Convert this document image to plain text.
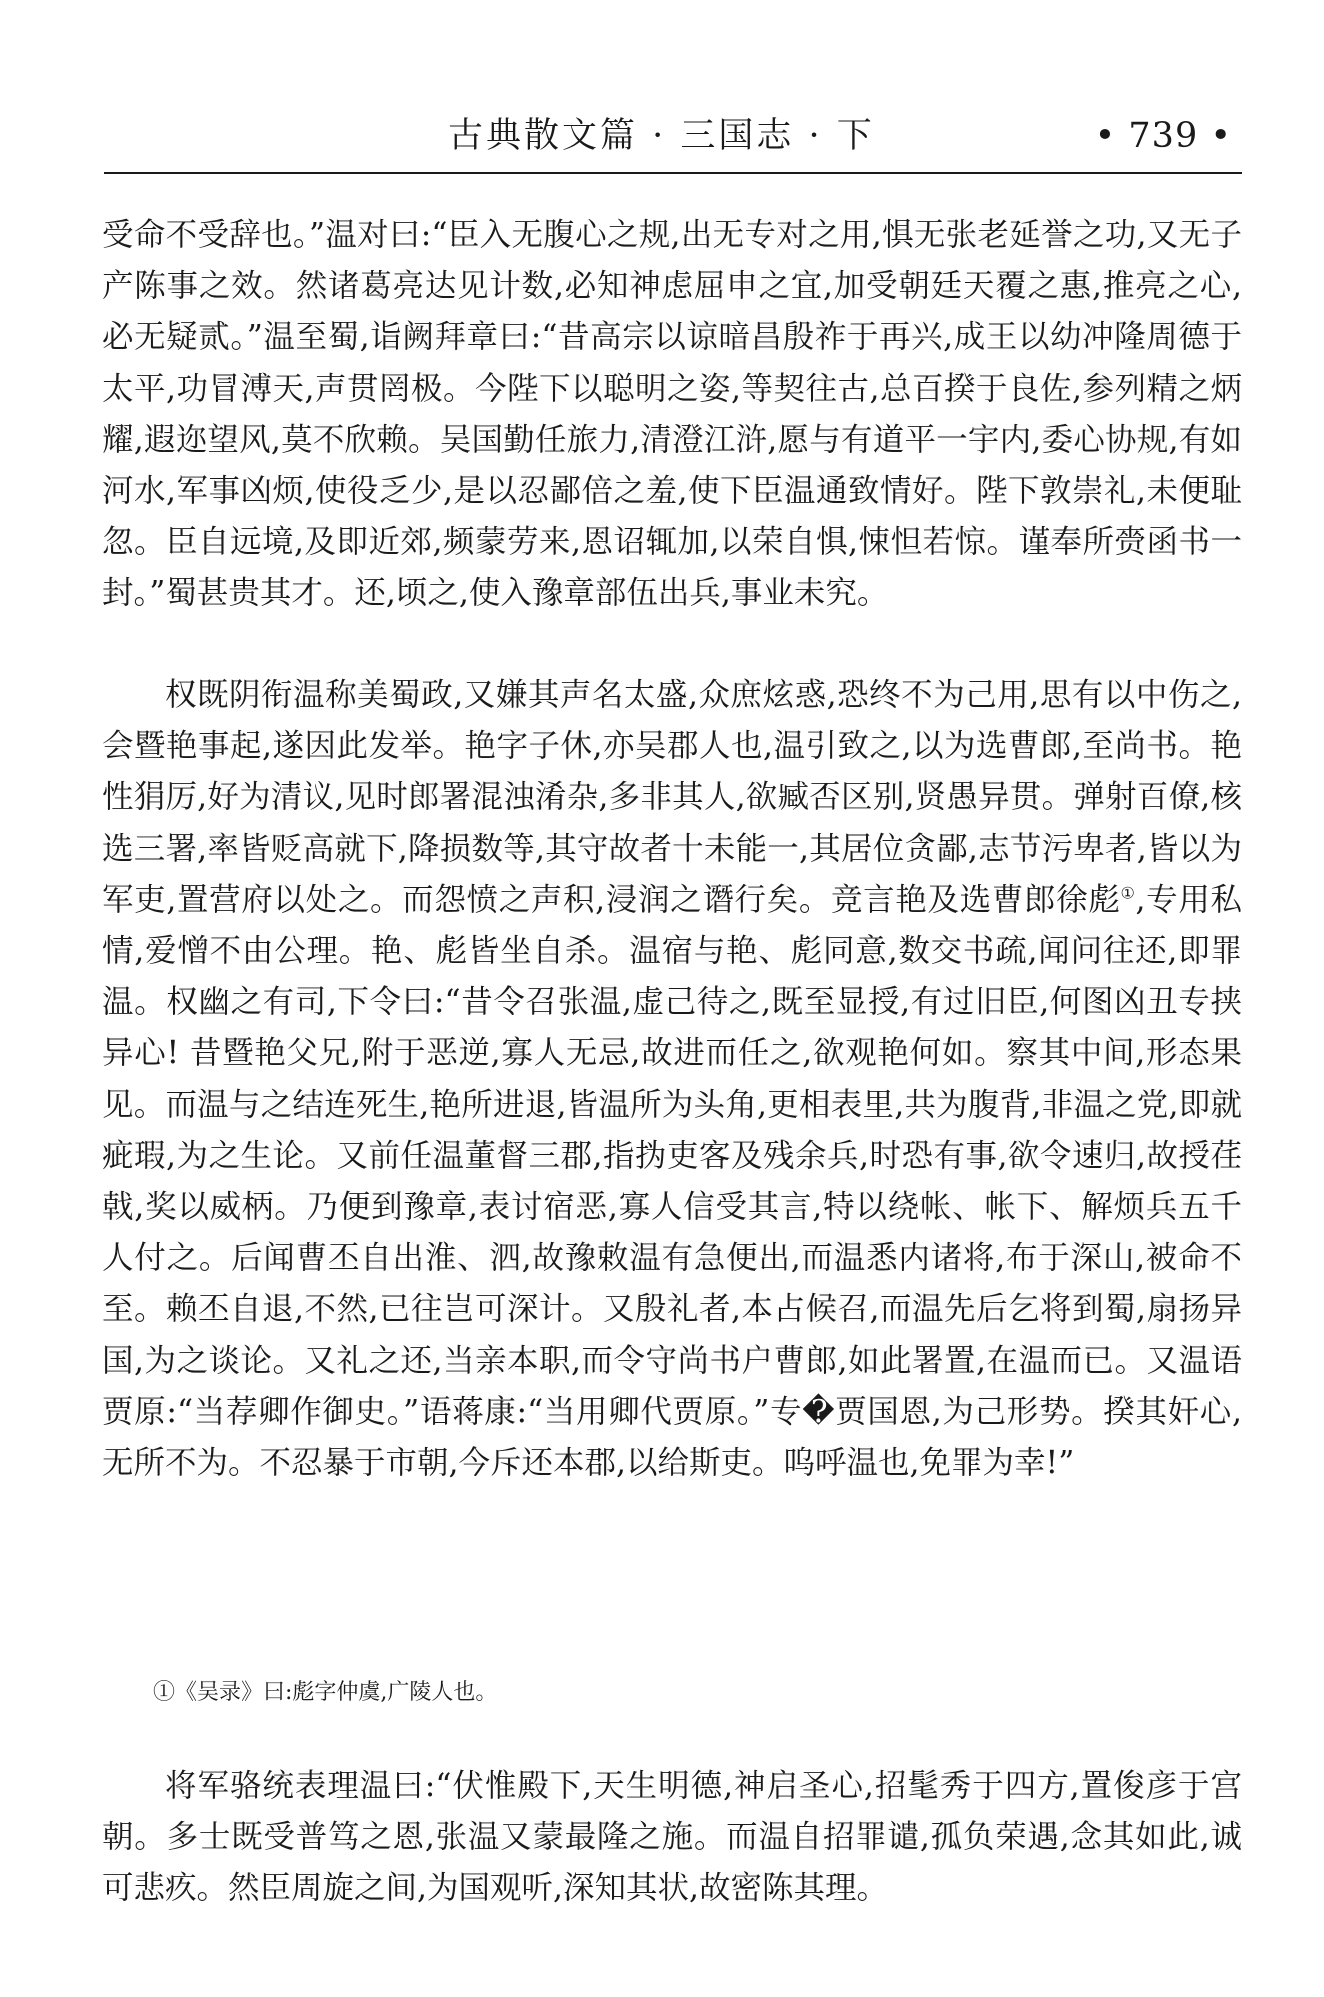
古典散文篇 · 三国志 · 下	• 739 •

受命不受辞也。”温对曰:“臣入无腹心之规,出无专对之用,惧无张老延誉之功,又无子产陈事之效。然诸葛亮达见计数,必知神虑屈申之宜,加受朝廷天覆之惠,推亮之心,必无疑贰。”温至蜀,诣阙拜章曰:“昔高宗以谅暗昌殷祚于再兴,成王以幼冲隆周德于太平,功冒溥天,声贯罔极。今陛下以聪明之姿,等契往古,总百揆于良佐,参列精之炳耀,遐迩望风,莫不欣赖。吴国勤任旅力,清澄江浒,愿与有道平一宇内,委心协规,有如河水,军事凶烦,使役乏少,是以忍鄙倍之羞,使下臣温通致情好。陛下敦崇礼,未便耻忽。臣自远境,及即近郊,频蒙劳来,恩诏辄加,以荣自惧,悚怛若惊。谨奉所赍函书一封。”蜀甚贵其才。还,顷之,使入豫章部伍出兵,事业未究。

权既阴衔温称美蜀政,又嫌其声名太盛,众庶炫惑,恐终不为己用,思有以中伤之,会暨艳事起,遂因此发举。艳字子休,亦吴郡人也,温引致之,以为选曹郎,至尚书。艳性狷厉,好为清议,见时郎署混浊淆杂,多非其人,欲臧否区别,贤愚异贯。弹射百僚,核选三署,率皆贬高就下,降损数等,其守故者十未能一,其居位贪鄙,志节污卑者,皆以为军吏,置营府以处之。而怨愤之声积,浸润之谮行矣。竞言艳及选曹郎徐彪①,专用私情,爱憎不由公理。艳、彪皆坐自杀。温宿与艳、彪同意,数交书疏,闻问往还,即罪温。权幽之有司,下令曰:“昔令召张温,虚己待之,既至显授,有过旧臣,何图凶丑专挟异心! 昔暨艳父兄,附于恶逆,寡人无忌,故进而任之,欲观艳何如。察其中间,形态果见。而温与之结连死生,艳所进退,皆温所为头角,更相表里,共为腹背,非温之党,即就疵瑕,为之生论。又前任温董督三郡,指㧑吏客及残余兵,时恐有事,欲令速归,故授荏戟,奖以威柄。乃便到豫章,表讨宿恶,寡人信受其言,特以绕帐、帐下、解烦兵五千人付之。后闻曹丕自出淮、泗,故豫敕温有急便出,而温悉内诸将,布于深山,被命不至。赖丕自退,不然,已往岂可深计。又殷礼者,本占候召,而温先后乞将到蜀,扇扬异国,为之谈论。又礼之还,当亲本职,而令守尚书户曹郎,如此署置,在温而已。又温语贾原:“当荐卿作御史。”语蒋康:“当用卿代贾原。”专�贾国恩,为己形势。揆其奸心,无所不为。不忍暴于市朝,今斥还本郡,以给斯吏。呜呼温也,免罪为幸!”

①《吴录》曰:彪字仲虞,广陵人也。

将军骆统表理温曰:“伏惟殿下,天生明德,神启圣心,招髦秀于四方,置俊彦于宫朝。多士既受普笃之恩,张温又蒙最隆之施。而温自招罪谴,孤负荣遇,念其如此,诚可悲疚。然臣周旋之间,为国观听,深知其状,故密陈其理。
